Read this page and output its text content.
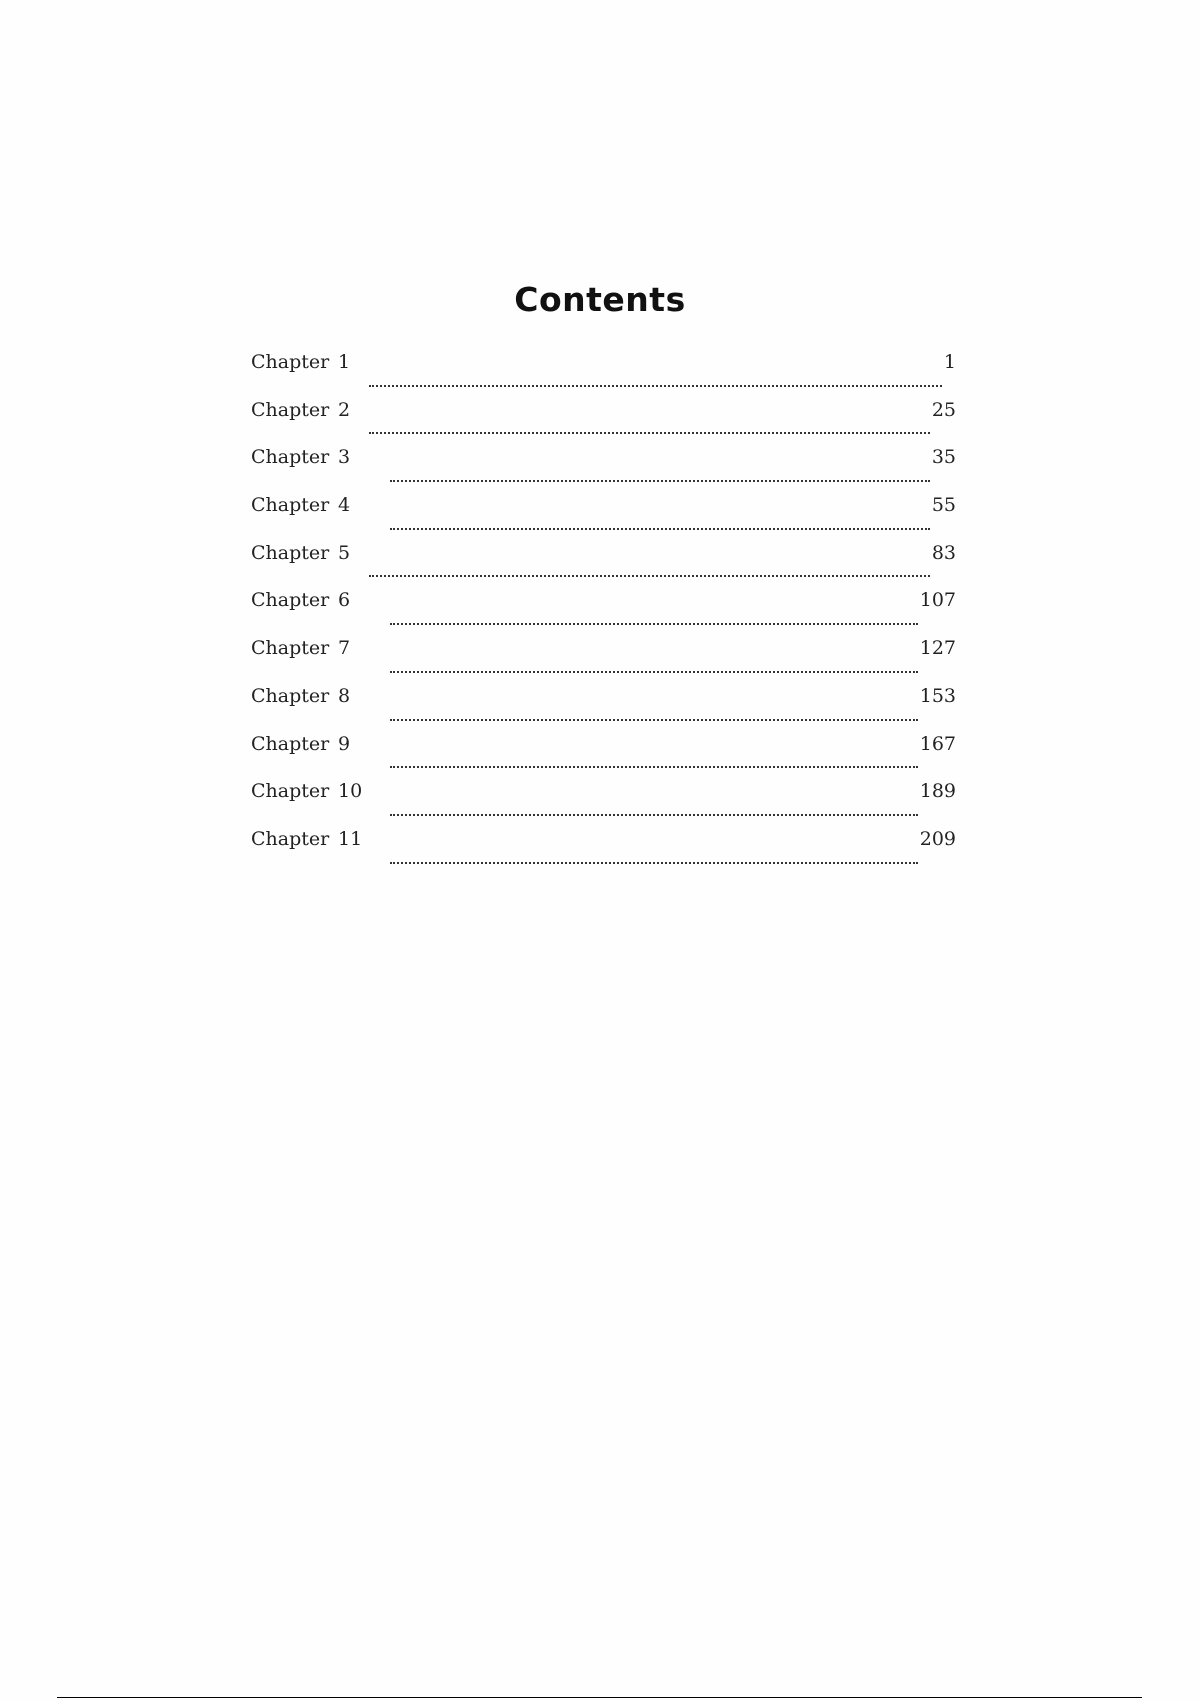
Contents
Chapter 1	1
Chapter 2	25
Chapter 3	35
Chapter 4	55
Chapter 5	83
Chapter 6	107
Chapter 7	127
Chapter 8	153
Chapter 9	167
Chapter 10	189
Chapter 11	209
